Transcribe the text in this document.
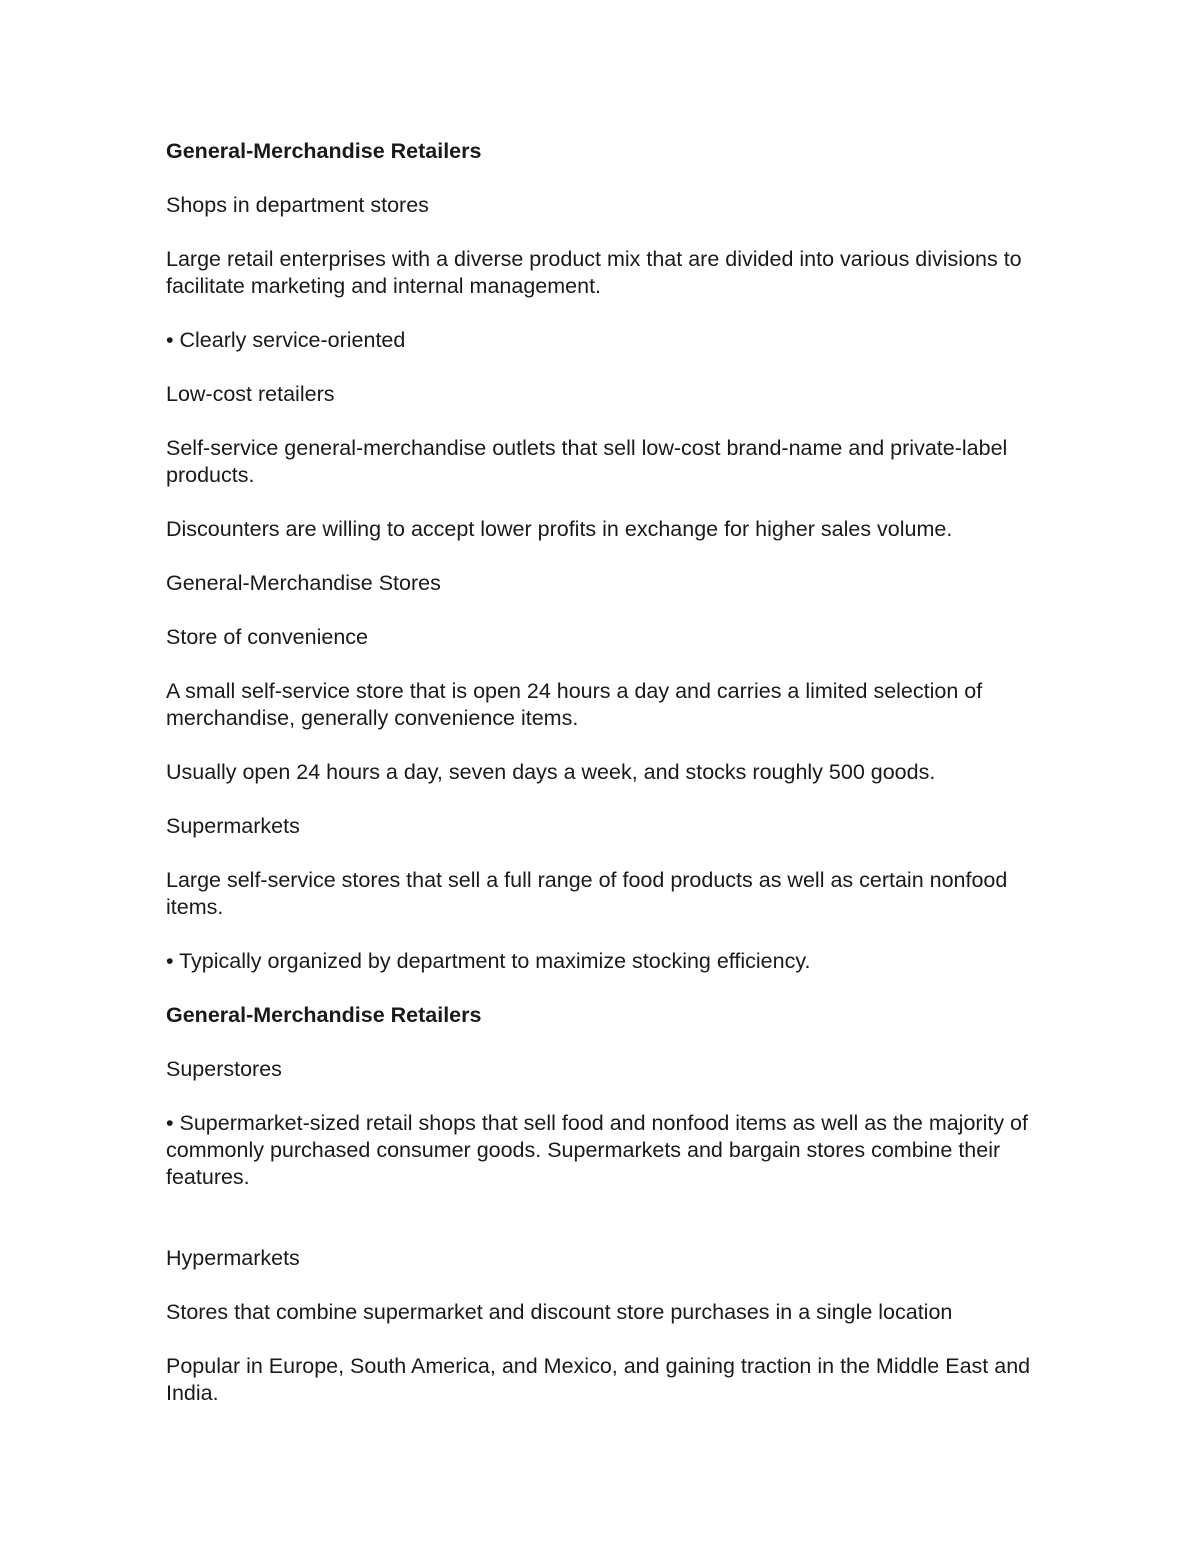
General-Merchandise Retailers

Shops in department stores

Large retail enterprises with a diverse product mix that are divided into various divisions to facilitate marketing and internal management.

• Clearly service-oriented

Low-cost retailers

Self-service general-merchandise outlets that sell low-cost brand-name and private-label products.

Discounters are willing to accept lower profits in exchange for higher sales volume.

General-Merchandise Stores

Store of convenience

A small self-service store that is open 24 hours a day and carries a limited selection of merchandise, generally convenience items.

Usually open 24 hours a day, seven days a week, and stocks roughly 500 goods.

Supermarkets

Large self-service stores that sell a full range of food products as well as certain nonfood items.

• Typically organized by department to maximize stocking efficiency.

General-Merchandise Retailers

Superstores

• Supermarket-sized retail shops that sell food and nonfood items as well as the majority of commonly purchased consumer goods. Supermarkets and bargain stores combine their features.

Hypermarkets

Stores that combine supermarket and discount store purchases in a single location

Popular in Europe, South America, and Mexico, and gaining traction in the Middle East and India.
